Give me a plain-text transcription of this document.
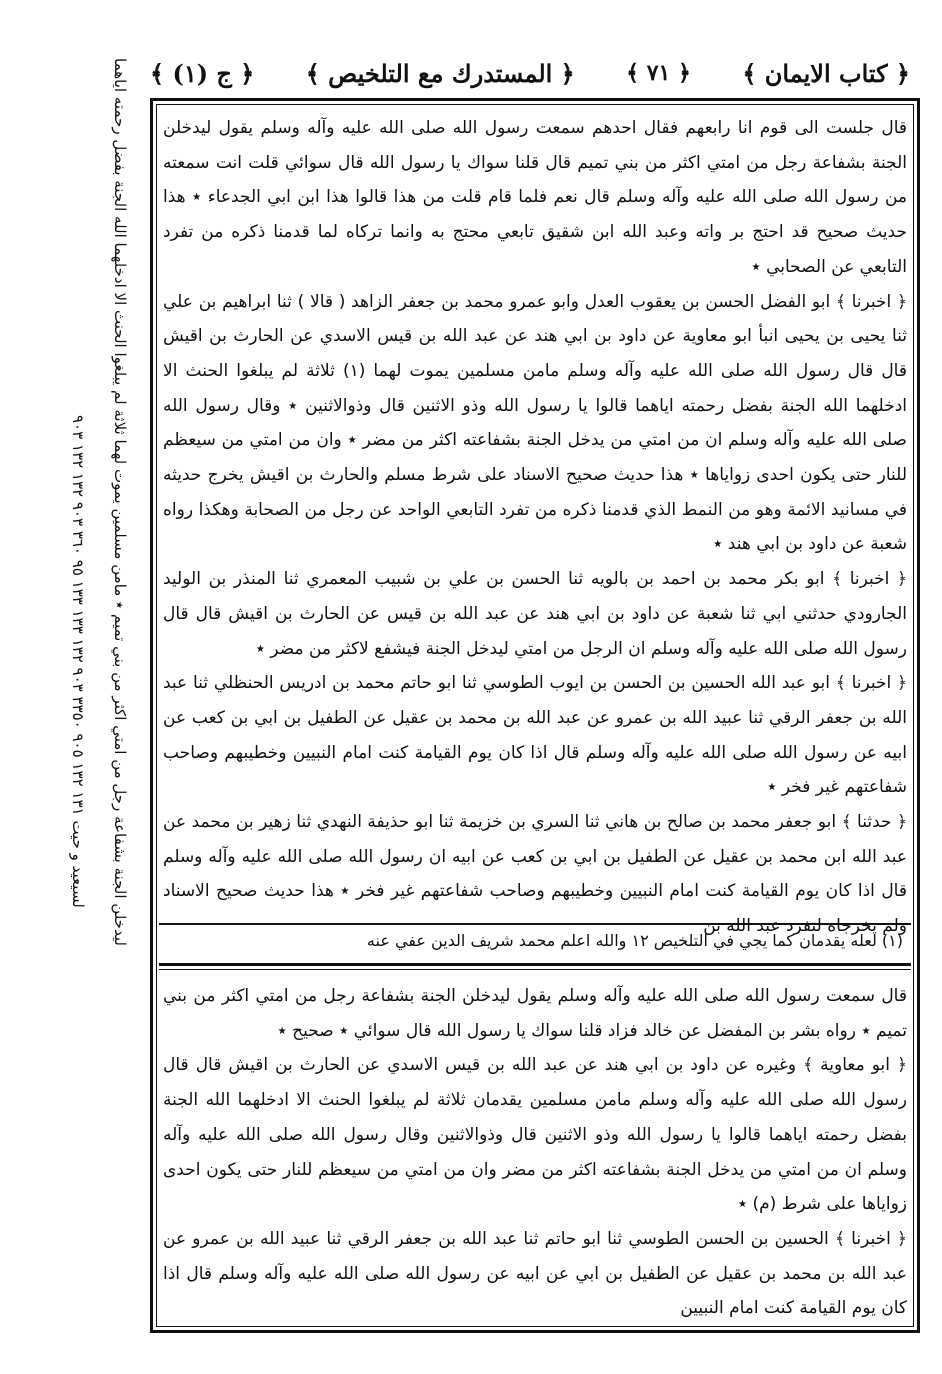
ليدخلن الجنة بشفاعة رجل من امتي اكثر من بني تميم ٭ مامن مسلمين يموت لهما ثلاثة لم يبلغوا الحنث الا ادخلهما الله الجنة بفضل رحمته اياهما
لسيعيد و حيت ١٣١ ١٣٢ ٩٠٥ ٣٣٥٠ ٩٠٣ ١٣٢ ١٣٣ ١٣٣ ٩٥ ٣٦٠ ٩٠٣ ١٣٢ ١٣٢ ٩٠٣
﴿ ج (١) ﴾ ﴿ المستدرك مع التلخيص ﴾ ﴿ ٧١ ﴾ ﴿ كتاب الايمان ﴾

قال جلست الى قوم انا رابعهم فقال احدهم سمعت رسول الله صلى الله عليه وآله وسلم يقول ليدخلن الجنة بشفاعة رجل من امتي اكثر من بني تميم قال قلنا سواك يا رسول الله قال سوائي قلت انت سمعته من رسول الله صلى الله عليه وآله وسلم قال نعم فلما قام قلت من هذا قالوا هذا ابن ابي الجدعاء ٭ هذا حديث صحيح قد احتج بر واته وعبد الله ابن شقيق تابعي محتج به وانما تركاه لما قدمنا ذكره من تفرد التابعي عن الصحابي ٭

﴿ اخبرنا ﴾ ابو الفضل الحسن بن يعقوب العدل وابو عمرو محمد بن جعفر الزاهد ( قالا ) ثنا ابراهيم بن علي ثنا يحيى بن يحيى انبأ ابو معاوية عن داود بن ابي هند عن عبد الله بن قيس الاسدي عن الحارث بن اقيش قال قال رسول الله صلى الله عليه وآله وسلم مامن مسلمين يموت لهما (١) ثلاثة لم يبلغوا الحنث الا ادخلهما الله الجنة بفضل رحمته اياهما قالوا يا رسول الله وذو الاثنين قال وذوالاثنين ٭ وقال رسول الله صلى الله عليه وآله وسلم ان من امتي من يدخل الجنة بشفاعته اكثر من مضر ٭ وان من امتي من سيعظم للنار حتى يكون احدى زواياها ٭ هذا حديث صحيح الاسناد على شرط مسلم والحارث بن اقيش يخرج حديثه في مسانيد الائمة وهو من النمط الذي قدمنا ذكره من تفرد التابعي الواحد عن رجل من الصحابة وهكذا رواه شعبة عن داود بن ابي هند ٭

﴿ اخبرنا ﴾ ابو بكر محمد بن احمد بن بالويه ثنا الحسن بن علي بن شبيب المعمري ثنا المنذر بن الوليد الجارودي حدثني ابي ثنا شعبة عن داود بن ابي هند عن عبد الله بن قيس عن الحارث بن اقيش قال قال رسول الله صلى الله عليه وآله وسلم ان الرجل من امتي ليدخل الجنة فيشفع لاكثر من مضر ٭

﴿ اخبرنا ﴾ ابو عبد الله الحسين بن الحسن بن ايوب الطوسي ثنا ابو حاتم محمد بن ادريس الحنظلي ثنا عبد الله بن جعفر الرقي ثنا عبيد الله بن عمرو عن عبد الله بن محمد بن عقيل عن الطفيل بن ابي بن كعب عن ابيه عن رسول الله صلى الله عليه وآله وسلم قال اذا كان يوم القيامة كنت امام النبيين وخطيبهم وصاحب شفاعتهم غير فخر ٭

﴿ حدثنا ﴾ ابو جعفر محمد بن صالح بن هاني ثنا السري بن خزيمة ثنا ابو حذيفة النهدي ثنا زهير بن محمد عن عبد الله ابن محمد بن عقيل عن الطفيل بن ابي بن كعب عن ابيه ان رسول الله صلى الله عليه وآله وسلم قال اذا كان يوم القيامة كنت امام النبيين وخطيبهم وصاحب شفاعتهم غير فخر ٭ هذا حديث صحيح الاسناد ولم يخرجاه لتفرد عبد الله بن

(١) لعله يقدمان كما يجي في التلخيص ١٢ والله اعلم محمد شريف الدين عفي عنه

قال سمعت رسول الله صلى الله عليه وآله وسلم يقول ليدخلن الجنة بشفاعة رجل من امتي اكثر من بني تميم ٭ رواه بشر بن المفضل عن خالد فزاد قلنا سواك يا رسول الله قال سوائي ٭ صحيح ٭

﴿ ابو معاوية ﴾ وغيره عن داود بن ابي هند عن عبد الله بن قيس الاسدي عن الحارث بن اقيش قال قال رسول الله صلى الله عليه وآله وسلم مامن مسلمين يقدمان ثلاثة لم يبلغوا الحنث الا ادخلهما الله الجنة بفضل رحمته اياهما قالوا يا رسول الله وذو الاثنين قال وذوالاثنين وقال رسول الله صلى الله عليه وآله وسلم ان من امتي من يدخل الجنة بشفاعته اكثر من مضر وان من امتي من سيعظم للنار حتى يكون احدى زواياها على شرط (م) ٭

﴿ اخبرنا ﴾ الحسين بن الحسن الطوسي ثنا ابو حاتم ثنا عبد الله بن جعفر الرقي ثنا عبيد الله بن عمرو عن عبد الله بن محمد بن عقيل عن الطفيل بن ابي عن ابيه عن رسول الله صلى الله عليه وآله وسلم قال اذا كان يوم القيامة كنت امام النبيين
